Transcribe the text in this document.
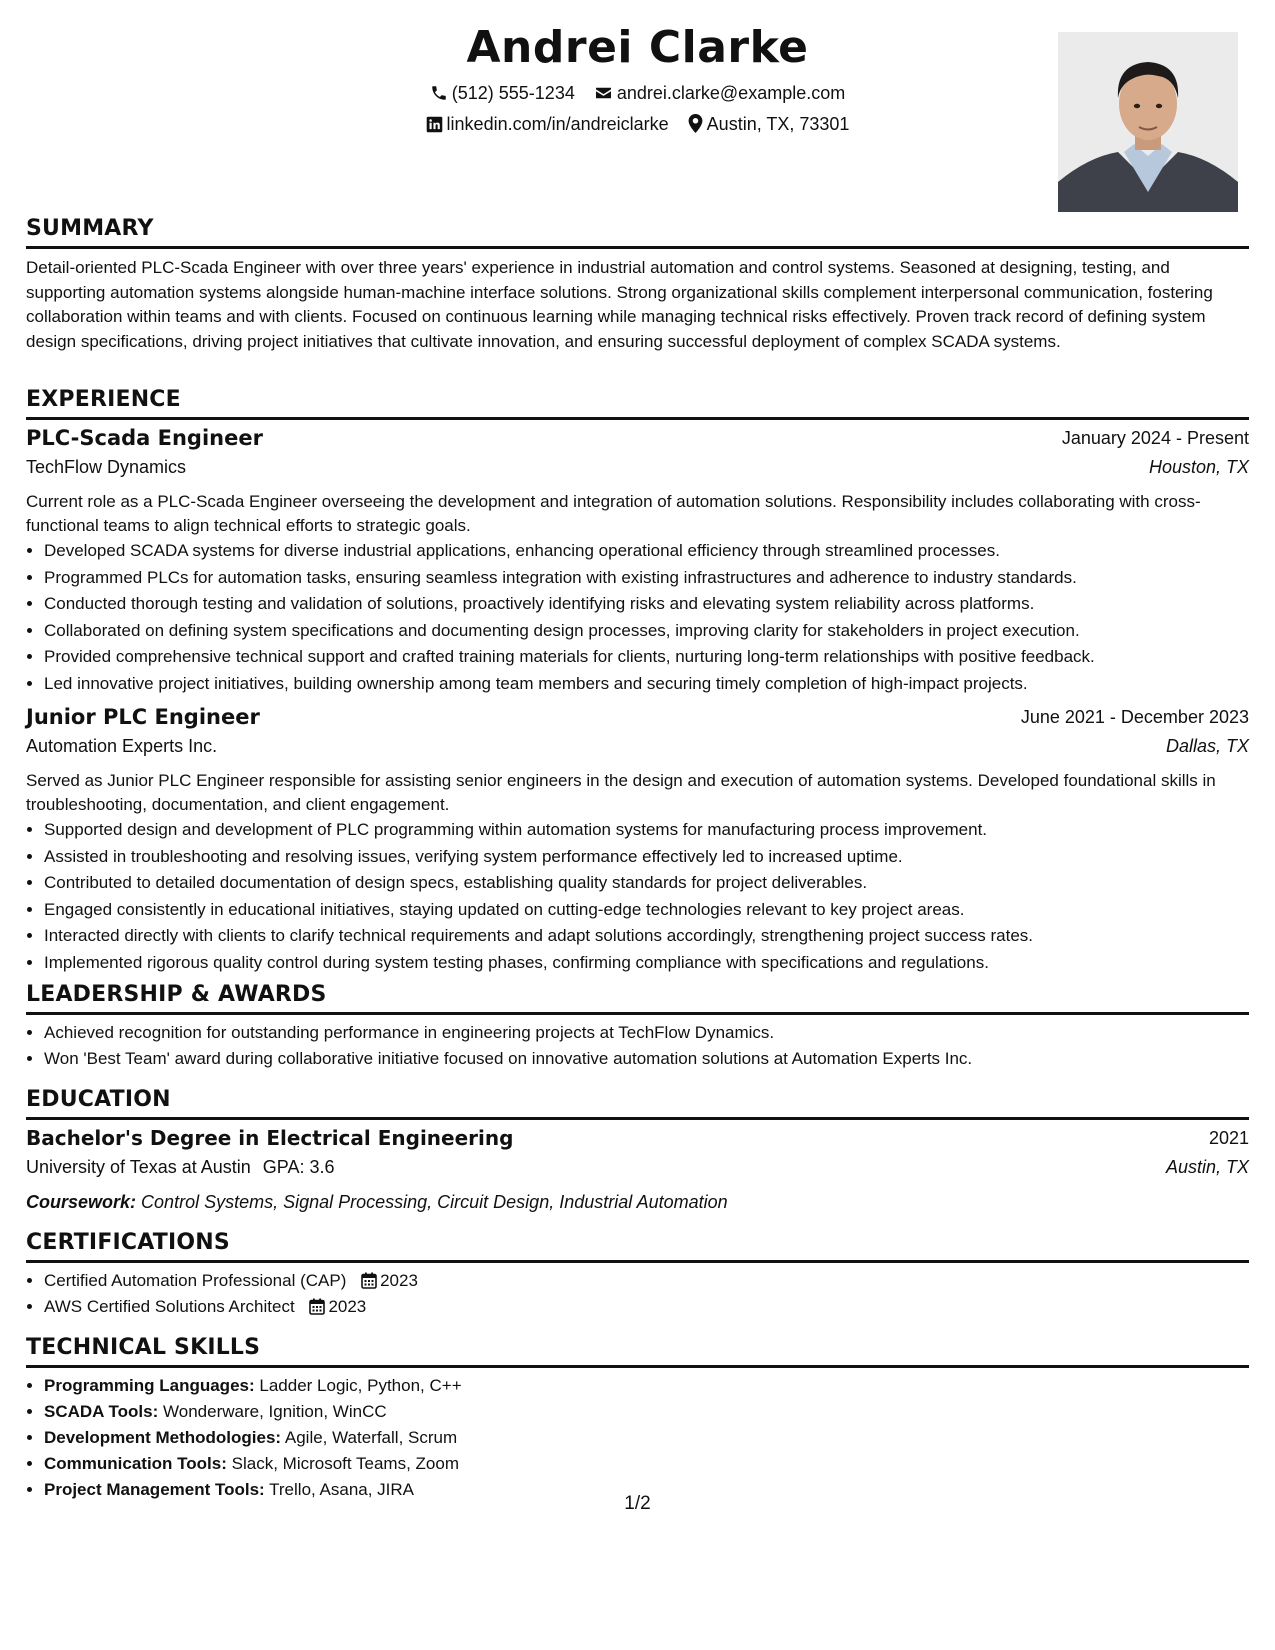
Andrei Clarke
(512) 555-1234 andrei.clarke@example.com
linkedin.com/in/andreiclarke Austin, TX, 73301
SUMMARY
Detail-oriented PLC-Scada Engineer with over three years' experience in industrial automation and control systems. Seasoned at designing, testing, and supporting automation systems alongside human-machine interface solutions. Strong organizational skills complement interpersonal communication, fostering collaboration within teams and with clients. Focused on continuous learning while managing technical risks effectively. Proven track record of defining system design specifications, driving project initiatives that cultivate innovation, and ensuring successful deployment of complex SCADA systems.
EXPERIENCE
PLC-Scada Engineer	January 2024 - Present
TechFlow Dynamics	Houston, TX
Current role as a PLC-Scada Engineer overseeing the development and integration of automation solutions. Responsibility includes collaborating with cross-functional teams to align technical efforts to strategic goals.
• Developed SCADA systems for diverse industrial applications, enhancing operational efficiency through streamlined processes.
• Programmed PLCs for automation tasks, ensuring seamless integration with existing infrastructures and adherence to industry standards.
• Conducted thorough testing and validation of solutions, proactively identifying risks and elevating system reliability across platforms.
• Collaborated on defining system specifications and documenting design processes, improving clarity for stakeholders in project execution.
• Provided comprehensive technical support and crafted training materials for clients, nurturing long-term relationships with positive feedback.
• Led innovative project initiatives, building ownership among team members and securing timely completion of high-impact projects.
Junior PLC Engineer	June 2021 - December 2023
Automation Experts Inc.	Dallas, TX
Served as Junior PLC Engineer responsible for assisting senior engineers in the design and execution of automation systems. Developed foundational skills in troubleshooting, documentation, and client engagement.
• Supported design and development of PLC programming within automation systems for manufacturing process improvement.
• Assisted in troubleshooting and resolving issues, verifying system performance effectively led to increased uptime.
• Contributed to detailed documentation of design specs, establishing quality standards for project deliverables.
• Engaged consistently in educational initiatives, staying updated on cutting-edge technologies relevant to key project areas.
• Interacted directly with clients to clarify technical requirements and adapt solutions accordingly, strengthening project success rates.
• Implemented rigorous quality control during system testing phases, confirming compliance with specifications and regulations.
LEADERSHIP & AWARDS
• Achieved recognition for outstanding performance in engineering projects at TechFlow Dynamics.
• Won 'Best Team' award during collaborative initiative focused on innovative automation solutions at Automation Experts Inc.
EDUCATION
Bachelor's Degree in Electrical Engineering	2021
University of Texas at Austin GPA: 3.6	Austin, TX
Coursework: Control Systems, Signal Processing, Circuit Design, Industrial Automation
CERTIFICATIONS
• Certified Automation Professional (CAP) 2023
• AWS Certified Solutions Architect 2023
TECHNICAL SKILLS
• Programming Languages: Ladder Logic, Python, C++
• SCADA Tools: Wonderware, Ignition, WinCC
• Development Methodologies: Agile, Waterfall, Scrum
• Communication Tools: Slack, Microsoft Teams, Zoom
• Project Management Tools: Trello, Asana, JIRA
1/2
